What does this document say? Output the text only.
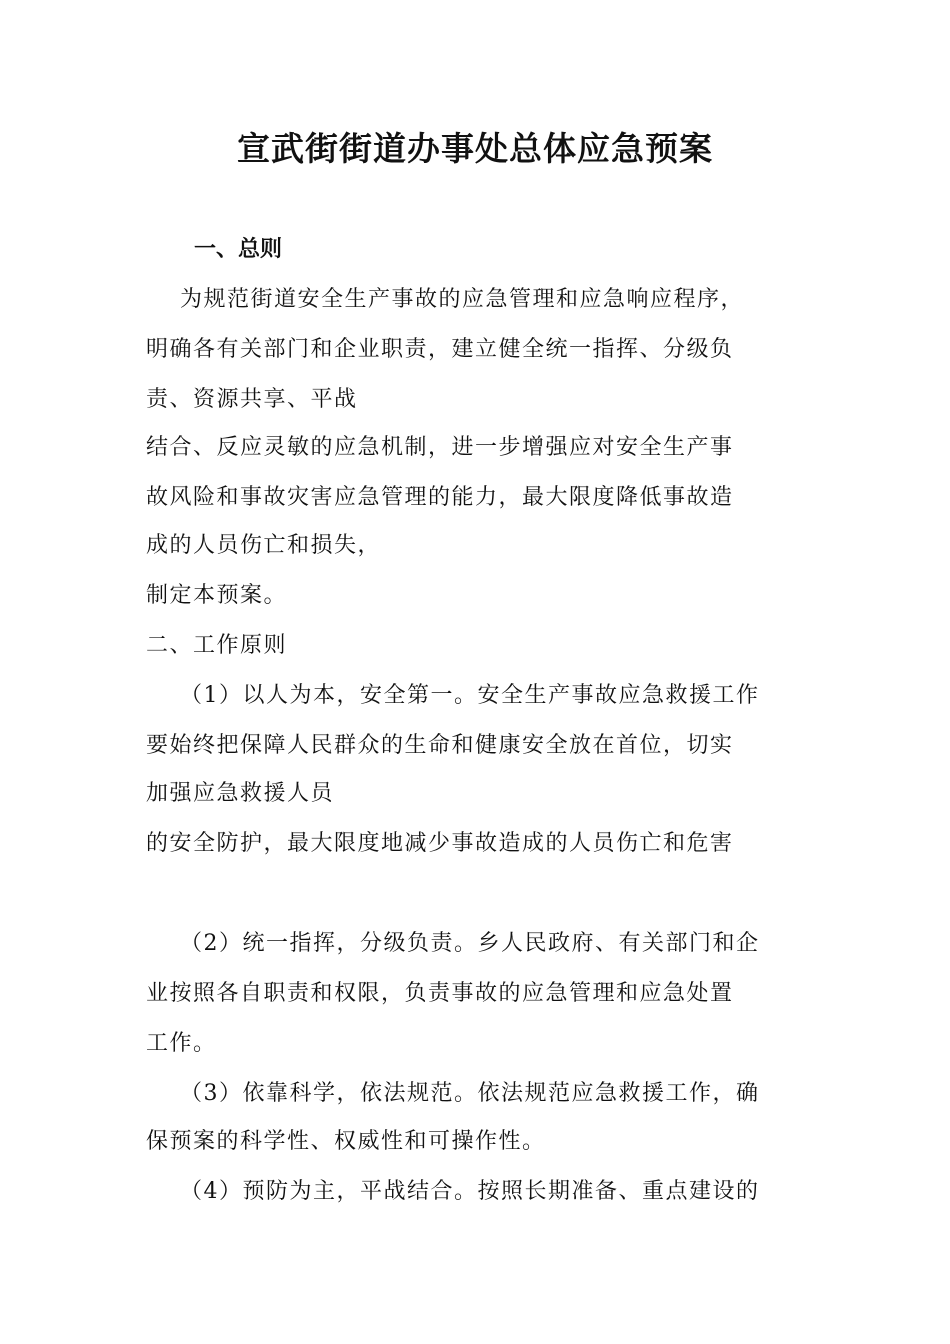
宣武街街道办事处总体应急预案
一、总则

为规范街道安全生产事故的应急管理和应急响应程序，

明确各有关部门和企业职责，建立健全统一指挥、分级负

责、资源共享、平战

结合、反应灵敏的应急机制，进一步增强应对安全生产事

故风险和事故灾害应急管理的能力，最大限度降低事故造

成的人员伤亡和损失，

制定本预案。

二、工作原则

（1）以人为本，安全第一。安全生产事故应急救援工作

要始终把保障人民群众的生命和健康安全放在首位，切实

加强应急救援人员

的安全防护，最大限度地减少事故造成的人员伤亡和危害

（2）统一指挥，分级负责。乡人民政府、有关部门和企

业按照各自职责和权限，负责事故的应急管理和应急处置

工作。

（3）依靠科学，依法规范。依法规范应急救援工作，确

保预案的科学性、权威性和可操作性。

（4）预防为主，平战结合。按照长期准备、重点建设的
